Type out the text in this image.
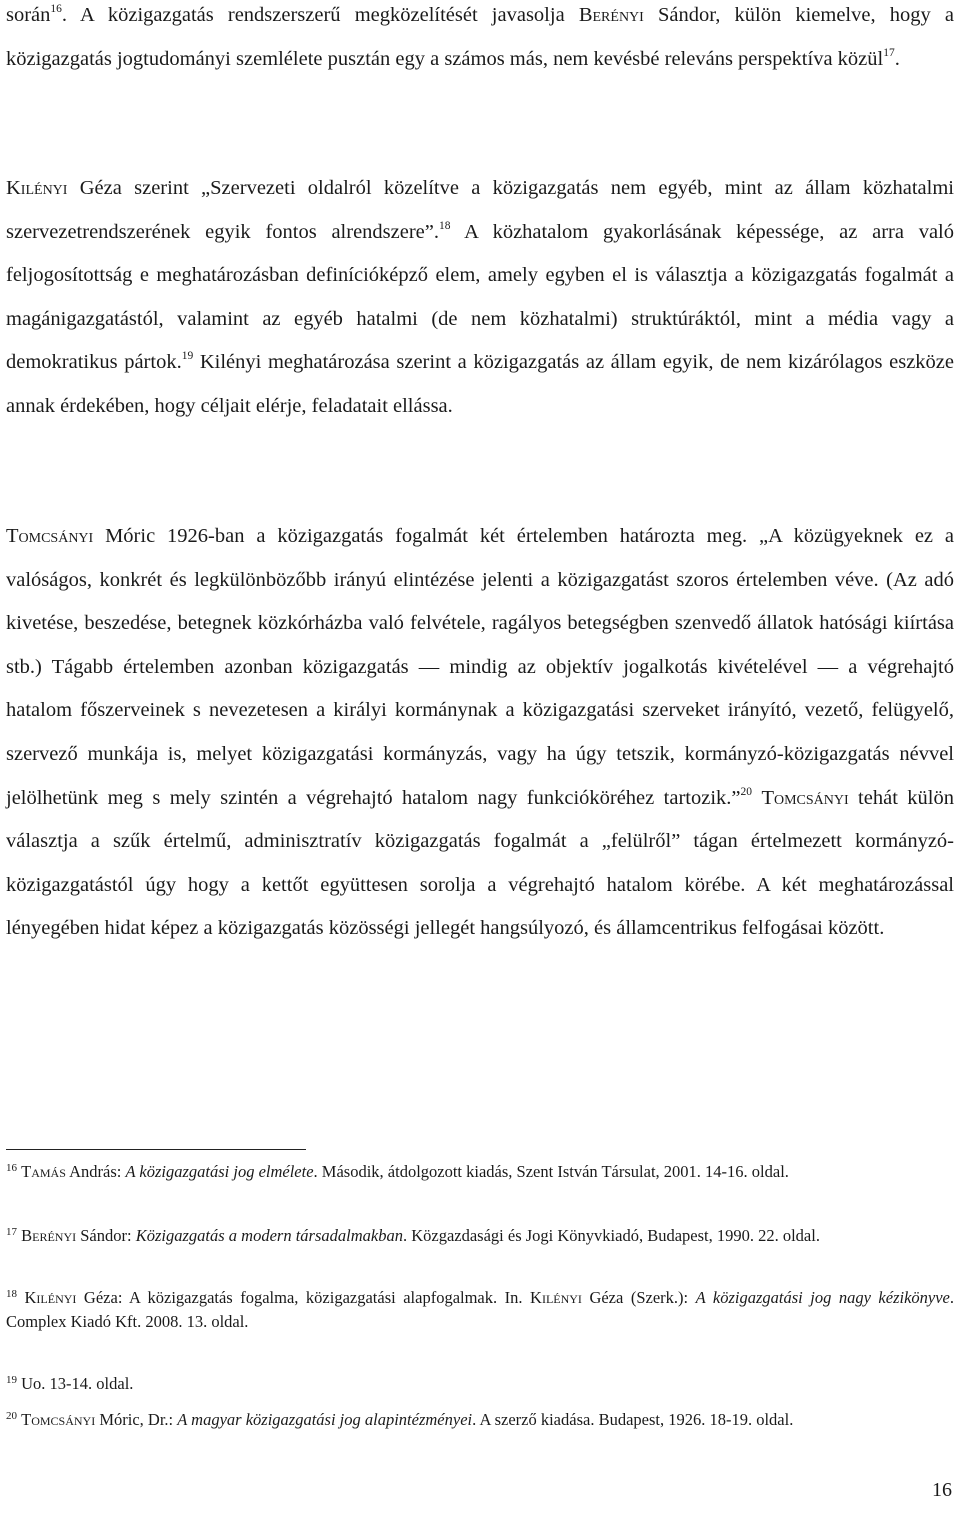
során$^{16}$. A közigazgatás rendszerszerű megközelítését javasolja Berényi Sándor, külön kiemelve, hogy a közigazgatás jogtudományi szemlélete pusztán egy a számos más, nem kevésbé releváns perspektíva közül$^{17}$.

Kilényi Géza szerint „Szervezeti oldalról közelítve a közigazgatás nem egyéb, mint az állam közhatalmi szervezetrendszerének egyik fontos alrendszere”.$^{18}$ A közhatalom gyakorlásának képessége, az arra való feljogosítottság e meghatározásban definícióképző elem, amely egyben el is választja a közigazgatás fogalmát a magánigazgatástól, valamint az egyéb hatalmi (de nem közhatalmi) struktúráktól, mint a média vagy a demokratikus pártok.$^{19}$ Kilényi meghatározása szerint a közigazgatás az állam egyik, de nem kizárólagos eszköze annak érdekében, hogy céljait elérje, feladatait ellássa.

Tomcsányi Móric 1926-ban a közigazgatás fogalmát két értelemben határozta meg. „A közügyeknek ez a valóságos, konkrét és legkülönbözőbb irányú elintézése jelenti a közigazgatást szoros értelemben véve. (Az adó kivetése, beszedése, betegnek közkórházba való felvétele, ragályos betegségben szenvedő állatok hatósági kiírtása stb.) Tágabb értelemben azonban közigazgatás — mindig az objektív jogalkotás kivételével — a végrehajtó hatalom főszerveinek s nevezetesen a királyi kormánynak a közigazgatási szerveket irányító, vezető, felügyelő, szervező munkája is, melyet közigazgatási kormányzás, vagy ha úgy tetszik, kormányzó-közigazgatás névvel jelölhetünk meg s mely szintén a végrehajtó hatalom nagy funkcióköréhez tartozik.”$^{20}$ Tomcsányi tehát külön választja a szűk értelmű, adminisztratív közigazgatás fogalmát a „felülről” tágan értelmezett kormányzó-közigazgatástól úgy hogy a kettőt együttesen sorolja a végrehajtó hatalom körébe. A két meghatározással lényegében hidat képez a közigazgatás közösségi jellegét hangsúlyozó, és államcentrikus felfogásai között.

$^{16}$ Tamás András: A közigazgatási jog elmélete. Második, átdolgozott kiadás, Szent István Társulat, 2001. 14-16. oldal.

$^{17}$ Berényi Sándor: Közigazgatás a modern társadalmakban. Közgazdasági és Jogi Könyvkiadó, Budapest, 1990. 22. oldal.

$^{18}$ Kilényi Géza: A közigazgatás fogalma, közigazgatási alapfogalmak. In. Kilényi Géza (Szerk.): A közigazgatási jog nagy kézikönyve. Complex Kiadó Kft. 2008. 13. oldal.

$^{19}$ Uo. 13-14. oldal.

$^{20}$ Tomcsányi Móric, Dr.: A magyar közigazgatási jog alapintézményei. A szerző kiadása. Budapest, 1926. 18-19. oldal.

16
